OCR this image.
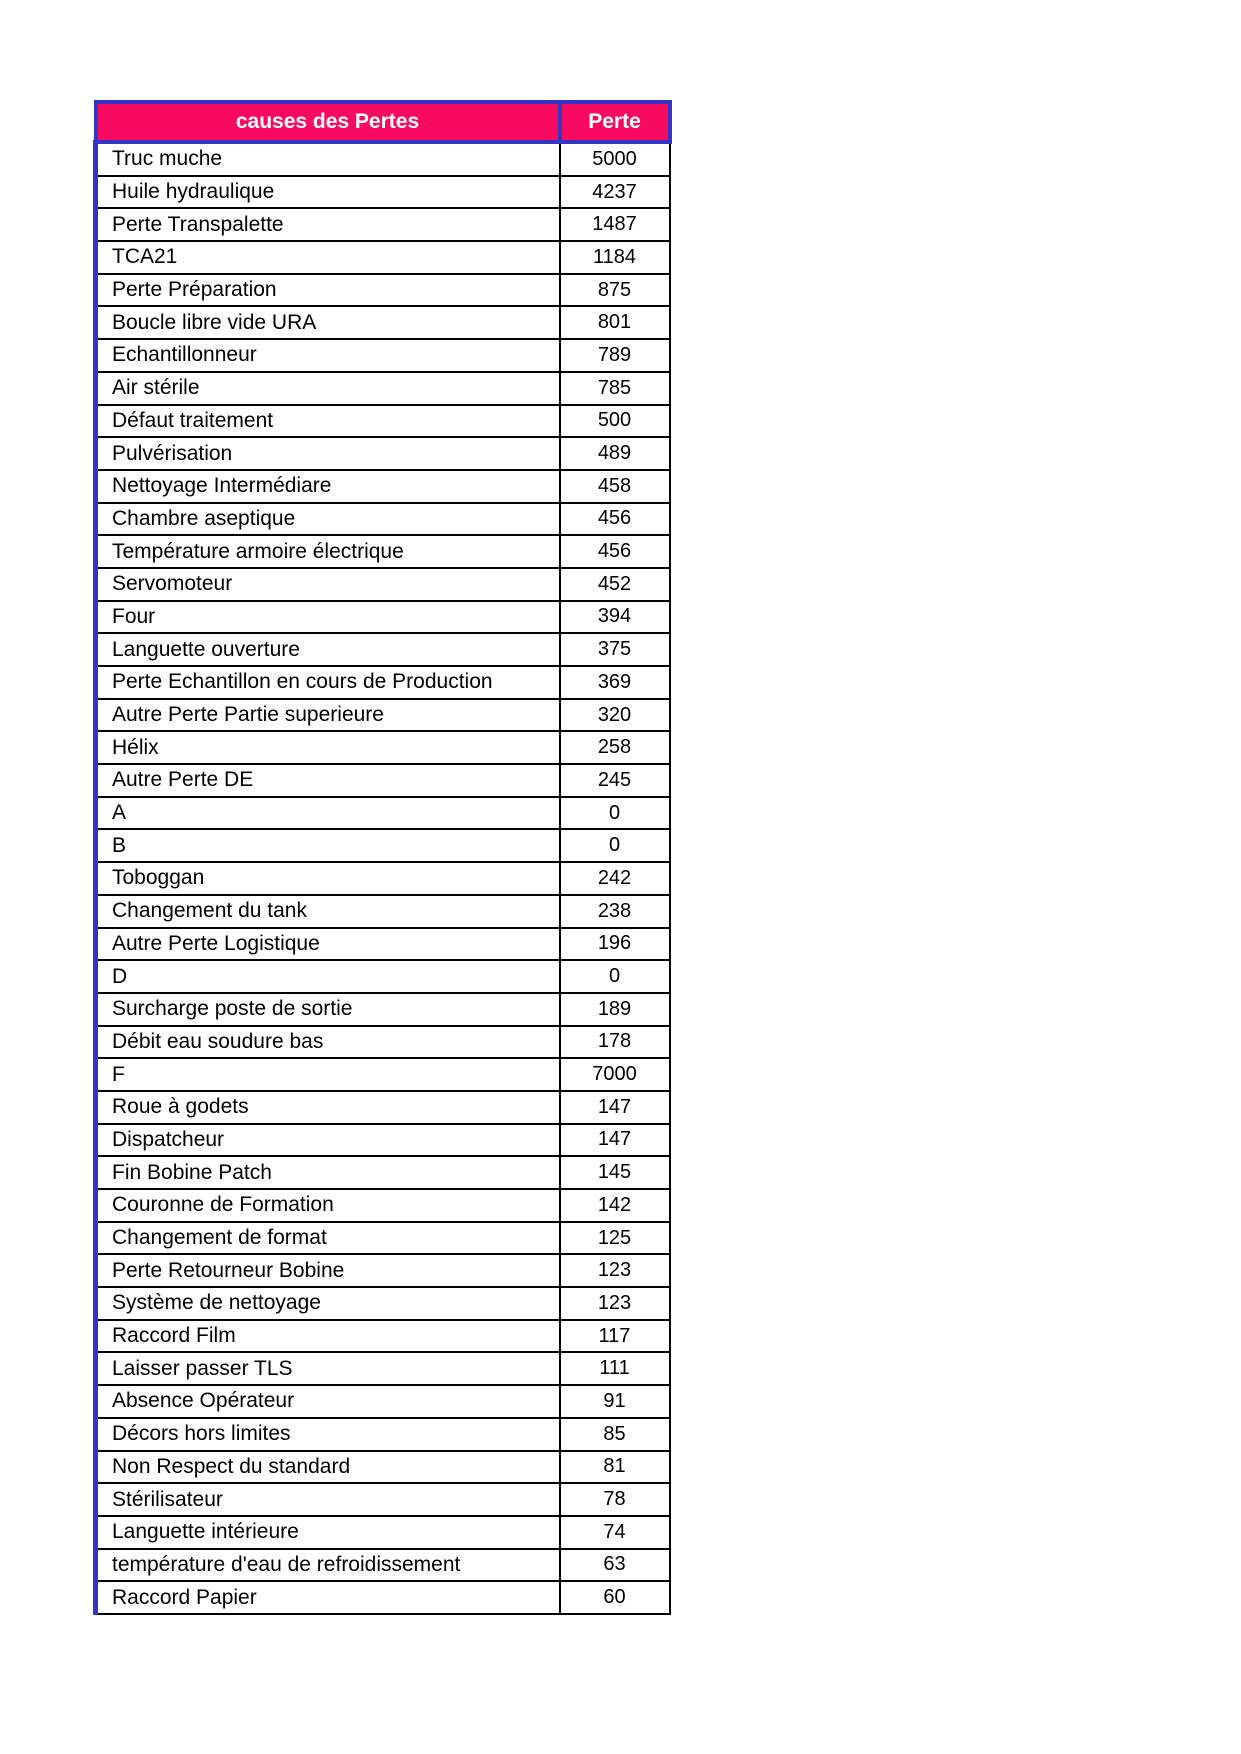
causes des Pertes	Perte
Truc muche	5000
Huile hydraulique	4237
Perte Transpalette	1487
TCA21	1184
Perte Préparation	875
Boucle libre vide URA	801
Echantillonneur	789
Air stérile	785
Défaut traitement	500
Pulvérisation	489
Nettoyage Intermédiare	458
Chambre aseptique	456
Température armoire électrique	456
Servomoteur	452
Four	394
Languette ouverture	375
Perte Echantillon en cours de Production	369
Autre Perte Partie superieure	320
Hélix	258
Autre Perte DE	245
A	0
B	0
Toboggan	242
Changement du tank	238
Autre Perte Logistique	196
D	0
Surcharge poste de sortie	189
Débit eau soudure bas	178
F	7000
Roue à godets	147
Dispatcheur	147
Fin Bobine Patch	145
Couronne de Formation	142
Changement de format	125
Perte Retourneur Bobine	123
Système de nettoyage	123
Raccord Film	117
Laisser passer TLS	111
Absence Opérateur	91
Décors hors limites	85
Non Respect du standard	81
Stérilisateur	78
Languette intérieure	74
température d'eau de refroidissement	63
Raccord Papier	60
